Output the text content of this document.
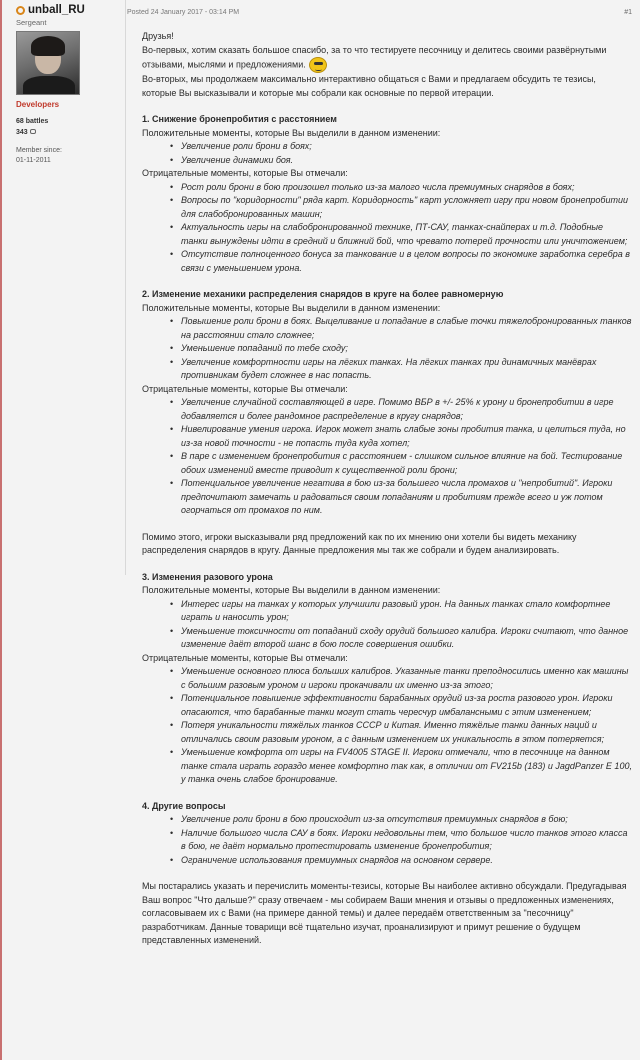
unball_RU
Sergeant
Developers
68 battles
343
Member since:
01-11-2011
Posted 24 January 2017 - 03:14 PM	#1

Друзья!

Во-первых, хотим сказать большое спасибо, за то что тестируете песочницу и делитесь своими развёрнутыми отзывами, мыслями и предложениями.

Во-вторых, мы продолжаем максимально интерактивно общаться с Вами и предлагаем обсудить те тезисы, которые Вы высказывали и которые мы собрали как основные по первой итерации.

1. Снижение бронепробития с расстоянием

Положительные моменты, которые Вы выделили в данном изменении:

• Увеличение роли брони в боях;
• Увеличение динамики боя.

Отрицательные моменты, которые Вы отмечали:

• Рост роли брони в бою произошел только из-за малого числа премиумных снарядов в боях;
• Вопросы по "коридорности" ряда карт. Коридорность" карт усложняет игру при новом бронепробитии для слабобронированных машин;
• Актуальность игры на слабобронированной технике, ПТ-САУ, танках-снайперах и т.д. Подобные танки вынуждены идти в средний и ближний бой, что чревато потерей прочности или уничтожением;
• Отсутствие полноценного бонуса за танкование и в целом вопросы по экономике заработка серебра в связи с уменьшением урона.

2. Изменение механики распределения снарядов в круге на более равномерную

Положительные моменты, которые Вы выделили в данном изменении:

• Повышение роли брони в боях. Выцеливание и попадание в слабые точки тяжелобронированных танков на расстоянии стало сложнее;
• Уменьшение попаданий по тебе сходу;
• Увеличение комфортности игры на лёгких танках. На лёгких танках при динамичных манёврах противникам будет сложнее в нас попасть.

Отрицательные моменты, которые Вы отмечали:

• Увеличение случайной составляющей в игре. Помимо ВБР в +/- 25% к урону и бронепробитии в игре добавляется и более рандомное распределение в кругу снарядов;
• Нивелирование умения игрока. Игрок может знать слабые зоны пробития танка, и целиться туда, но из-за новой точности - не попасть туда куда хотел;
• В паре с изменением бронепробития с расстоянием - слишком сильное влияние на бой. Тестирование обоих изменений вместе приводит к существенной роли брони;
• Потенциальное увеличение негатива в бою из-за большего числа промахов и "непробитий". Игроки предпочитают замечать и радоваться своим попаданиям и пробитиям прежде всего и уж потом огорчаться от промахов по ним.

Помимо этого, игроки высказывали ряд предложений как по их мнению они хотели бы видеть механику распределения снарядов в кругу. Данные предложения мы так же собрали и будем анализировать.

3. Изменения разового урона

Положительные моменты, которые Вы выделили в данном изменении:

• Интерес игры на танках у которых улучшили разовый урон. На данных танках стало комфортнее играть и наносить урон;
• Уменьшение токсичности от попаданий сходу орудий большого калибра. Игроки считают, что данное изменение даёт второй шанс в бою после совершения ошибки.

Отрицательные моменты, которые Вы отмечали:

• Уменьшение основного плюса больших калибров. Указанные танки преподносились именно как машины с большим разовым уроном и игроки прокачивали их именно из-за этого;
• Потенциальное повышение эффективности барабанных орудий из-за роста разового урон. Игроки опасаются, что барабанные танки могут стать чересчур имбалансными с этим изменением;
• Потеря уникальности тяжёлых танков СССР и Китая. Именно тяжёлые танки данных наций и отличались своим разовым уроном, а с данным изменением их уникальность в этом потеряется;
• Уменьшение комфорта от игры на FV4005 STAGE II. Игроки отмечали, что в песочнице на данном танке стала играть гораздо менее комфортно так как, в отличии от FV215b (183) и JagdPanzer E 100, у танка очень слабое бронирование.

4. Другие вопросы

• Увеличение роли брони в бою происходит из-за отсутствия премиумных снарядов в бою;
• Наличие большого числа САУ в боях. Игроки недовольны тем, что большое число танков этого класса в бою, не даёт нормально протестировать изменение бронепробития;
• Ограничение использования премиумных снарядов на основном сервере.

Мы постарались указать и перечислить моменты-тезисы, которые Вы наиболее активно обсуждали. Предугадывая Ваш вопрос "Что дальше?" сразу отвечаем - мы собираем Ваши мнения и отзывы о предложенных изменениях, согласовываем их с Вами (на примере данной темы) и далее передаём ответственным за "песочницу" разработчикам. Данные товарищи всё тщательно изучат, проанализируют и примут решение о будущем представленных изменений.
